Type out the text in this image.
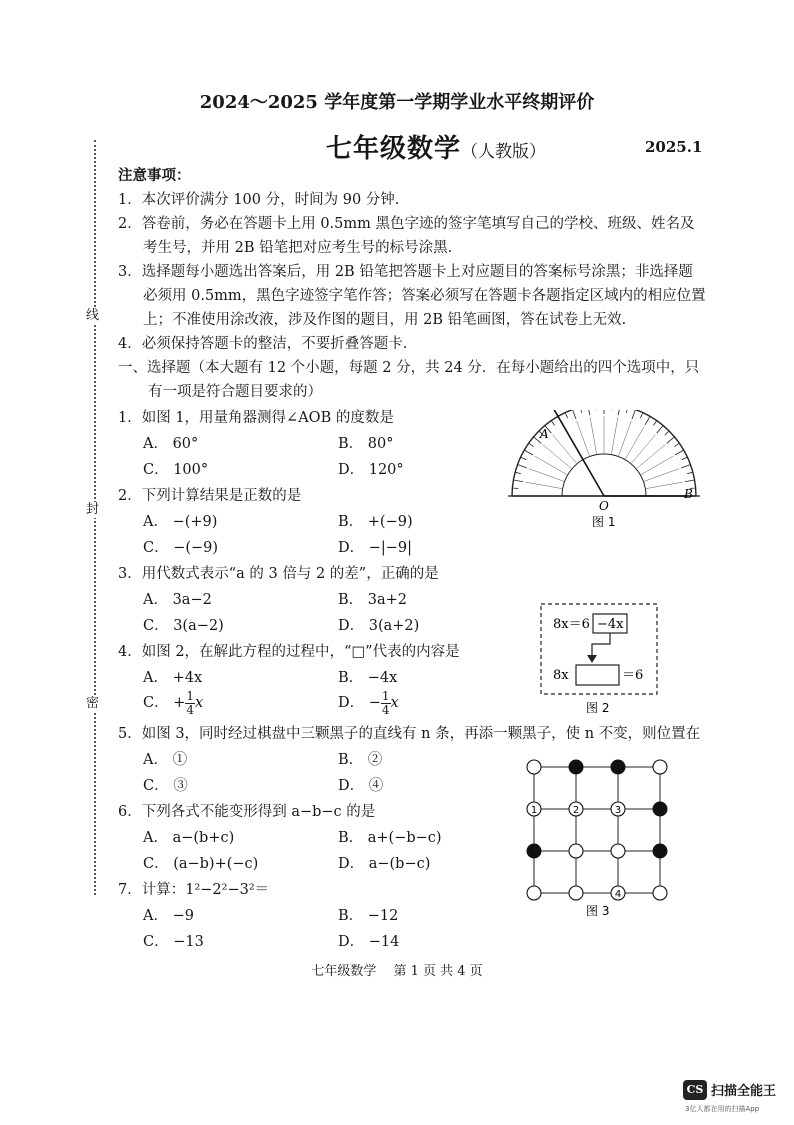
线
封
密
2024～2025 学年度第一学期学业水平终期评价
七年级数学（人教版）	2025.1
注意事项：
1．本次评价满分 100 分，时间为 90 分钟.
2．答卷前，务必在答题卡上用 0.5mm 黑色字迹的签字笔填写自己的学校、班级、姓名及
考生号，并用 2B 铅笔把对应考生号的标号涂黑.
3．选择题每小题选出答案后，用 2B 铅笔把答题卡上对应题目的答案标号涂黑；非选择题
必须用 0.5mm，黑色字迹签字笔作答；答案必须写在答题卡各题指定区域内的相应位置
上；不准使用涂改液，涉及作图的题目，用 2B 铅笔画图，答在试卷上无效.
4．必须保持答题卡的整洁，不要折叠答题卡.
一、选择题（本大题有 12 个小题，每题 2 分，共 24 分．在每小题给出的四个选项中，只
有一项是符合题目要求的）
1．如图 1，用量角器测得∠AOB 的度数是
A． 60°	B． 80°
C． 100°	D． 120°
2．下列计算结果是正数的是
A． −(+9)	B． +(−9)
C． −(−9)	D． −|−9|
3．用代数式表示“a 的 3 倍与 2 的差”，正确的是
A． 3a−2	B． 3a+2
C． 3(a−2)	D． 3(a+2)
4．如图 2，在解此方程的过程中，“□”代表的内容是
A． +4x	B． −4x
C． + $\frac{1}{4}$ x	D． − $\frac{1}{4}$ x
5．如图 3，同时经过棋盘中三颗黑子的直线有 n 条，再添一颗黑子，使 n 不变，则位置在
A． ①	B． ②
C． ③	D． ④
6．下列各式不能变形得到 a−b−c 的是
A． a−(b+c)	B． a+(−b−c)
C． (a−b)+(−c)	D． a−(b−c)
7．计算：1²−2²−3²＝
A． −9	B． −12
C． −13	D． −14
A
O
B
图 1
8x＝6 −4x
8x	＝6
图 2
1	2	3
4
图 3
七年级数学　 第 1 页 共 4 页
CS 扫描全能王
3亿人都在用的扫描App
